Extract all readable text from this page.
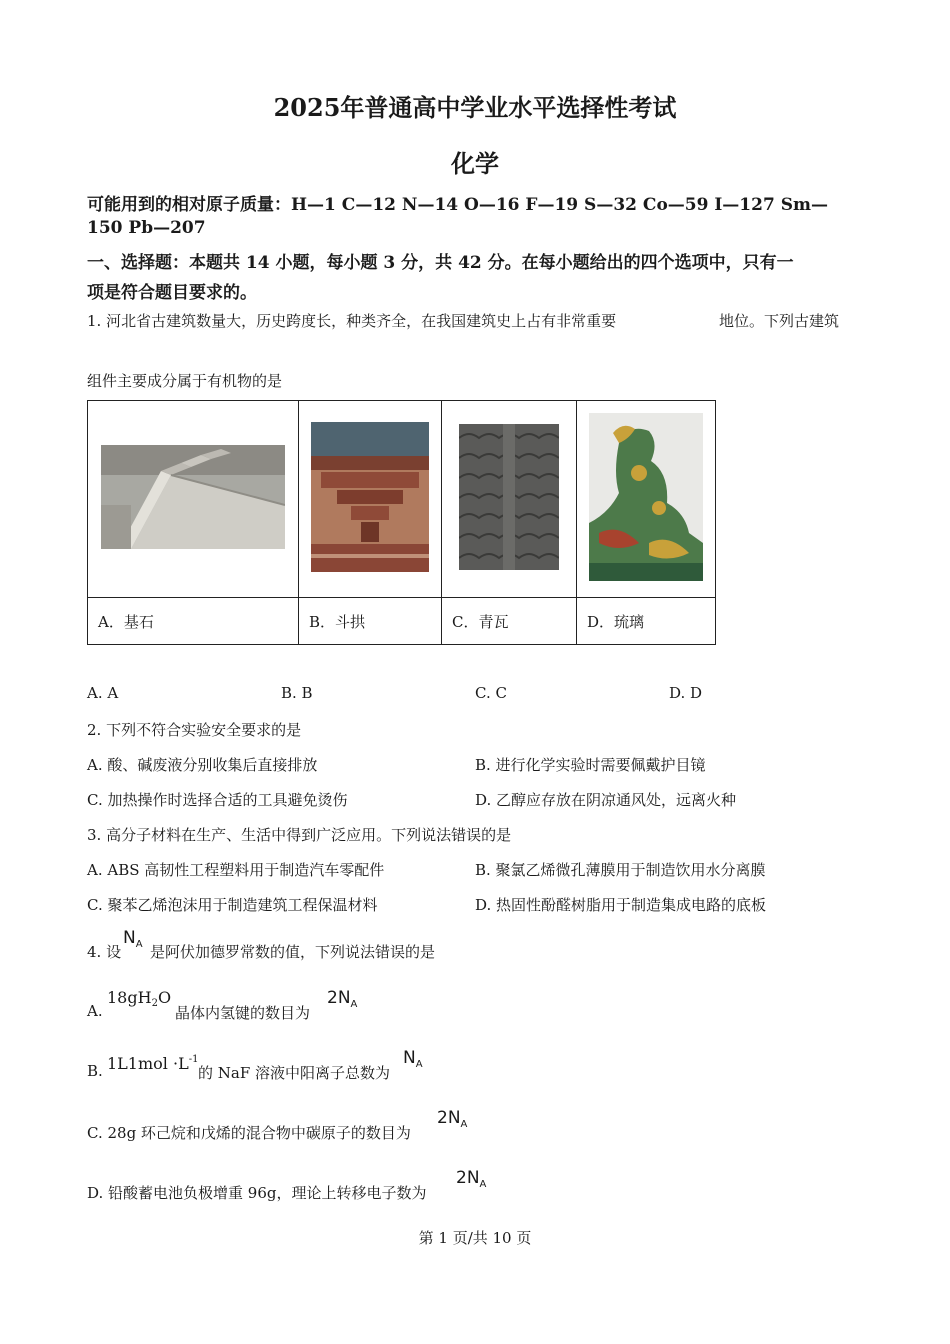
2025年普通高中学业水平选择性考试
化学
可能用到的相对原子质量：H—1 C—12 N—14 O—16 F—19 S—32 Co—59 I—127 Sm—
150 Pb—207
一、选择题：本题共 14 小题，每小题 3 分，共 42 分。在每小题给出的四个选项中，只有一
项是符合题目要求的。
1. 河北省古建筑数量大，历史跨度长，种类齐全，在我国建筑史上占有非常重要	地位。下列古建筑
组件主要成分属于有机物的是

A．基石	B．斗拱	C．青瓦	D．琉璃
A. A	B. B	C. C	D. D
2. 下列不符合实验安全要求的是
A. 酸、碱废液分别收集后直接排放	B. 进行化学实验时需要佩戴护目镜
C. 加热操作时选择合适的工具避免烫伤	D. 乙醇应存放在阴凉通风处，远离火种
3. 高分子材料在生产、生活中得到广泛应用。下列说法错误的是
A. ABS 高韧性工程塑料用于制造汽车零配件	B. 聚氯乙烯微孔薄膜用于制造饮用水分离膜
C. 聚苯乙烯泡沫用于制造建筑工程保温材料	D. 热固性酚醛树脂用于制造集成电路的底板
4. 设
$N_A$ 是阿伏加德罗常数的值，下列说法错误的是
A.
$18gH_2O$
晶体内氢键的数目为
$2N_A$
B. $1L1mol \cdot L^{-1}$
的 NaF 溶液中阳离子总数为
$N_A$
C. 28g 环己烷和戊烯的混合物中碳原子的数目为
$2N_A$
D. 铅酸蓄电池负极增重 96g，理论上转移电子数为
$2N_A$
第 1 页/共 10 页
